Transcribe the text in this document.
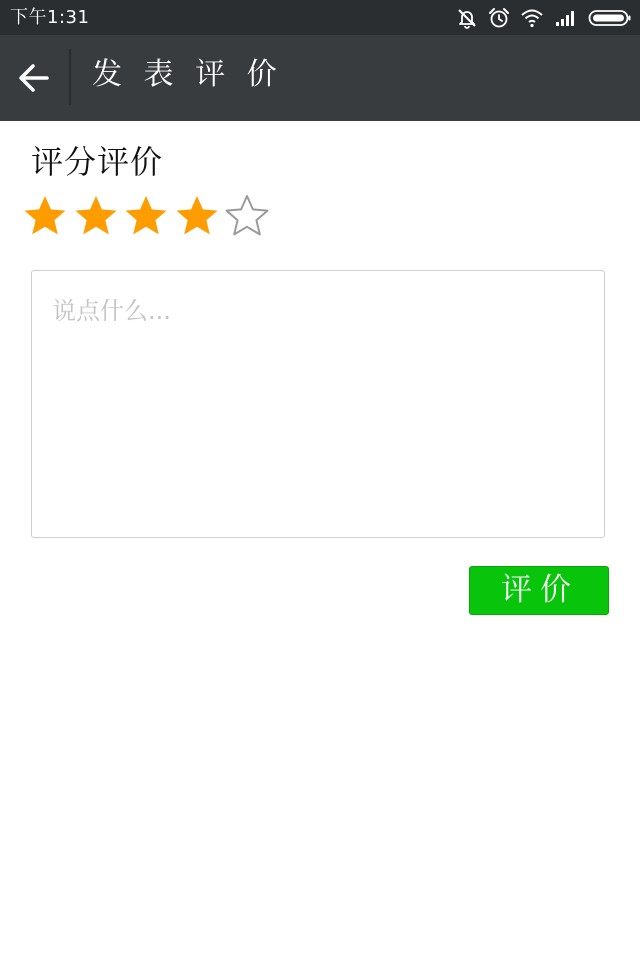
下午1:31
发 表 评 价
评分评价
说点什么...
评价
